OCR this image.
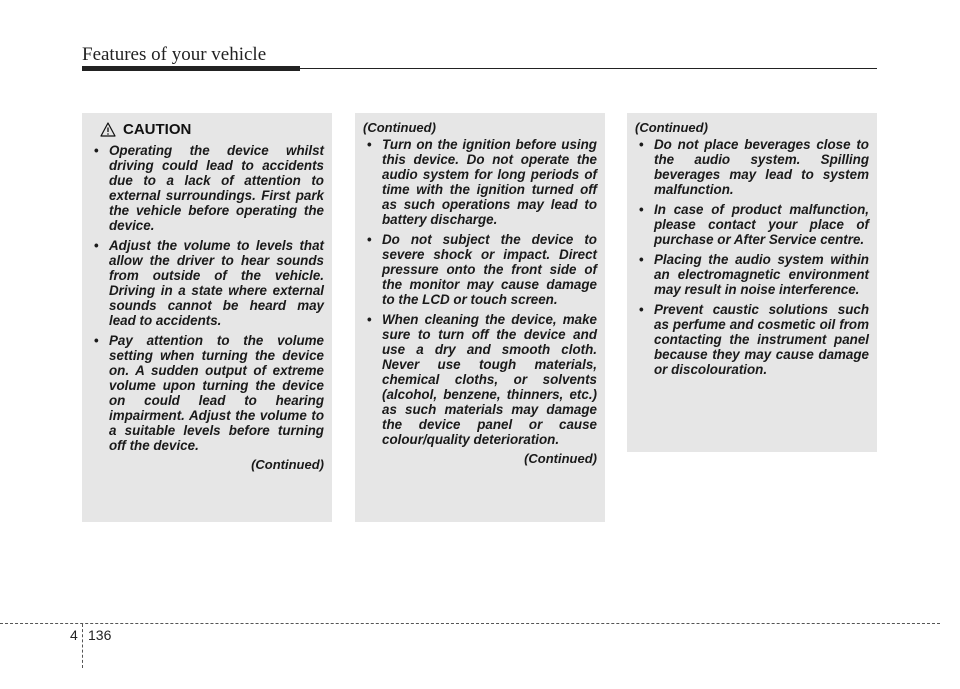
Features of your vehicle
CAUTION
• Operating the device whilst driving could lead to accidents due to a lack of attention to external surroundings. First park the vehicle before operating the device.
• Adjust the volume to levels that allow the driver to hear sounds from outside of the vehicle. Driving in a state where external sounds cannot be heard may lead to accidents.
• Pay attention to the volume setting when turning the device on. A sudden output of extreme volume upon turning the device on could lead to hearing impairment. Adjust the volume to a suitable levels before turning off the device.
(Continued)
(Continued)
• Turn on the ignition before using this device. Do not operate the audio system for long periods of time with the ignition turned off as such operations may lead to battery discharge.
• Do not subject the device to severe shock or impact. Direct pressure onto the front side of the monitor may cause damage to the LCD or touch screen.
• When cleaning the device, make sure to turn off the device and use a dry and smooth cloth. Never use tough materials, chemical cloths, or solvents (alcohol, benzene, thinners, etc.) as such materials may damage the device panel or cause colour/quality deterioration.
(Continued)
(Continued)
• Do not place beverages close to the audio system. Spilling beverages may lead to system malfunction.
• In case of product malfunction, please contact your place of purchase or After Service centre.
• Placing the audio system within an electromagnetic environment may result in noise interference.
• Prevent caustic solutions such as perfume and cosmetic oil from contacting the instrument panel because they may cause damage or discolouration.
4 136
